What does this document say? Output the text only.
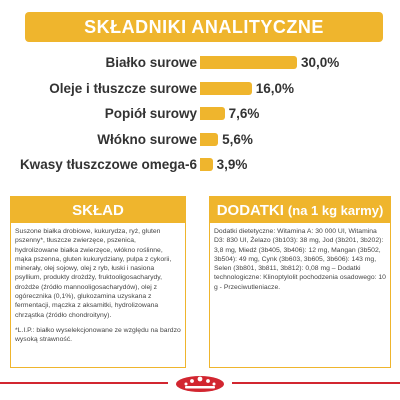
SKŁADNIKI ANALITYCZNE
Białko surowe	30,0%
Oleje i tłuszcze surowe	16,0%
Popiół surowy 7,6%
Włókno surowe 5,6%
Kwasy tłuszczowe omega-6 3,9%
SKŁAD
Suszone białka drobiowe, kukurydza, ryż, gluten pszenny*, tłuszcze zwierzęce, pszenica, hydrolizowane białka zwierzęce, włókno roślinne, mąka pszenna, gluten kukurydziany, pulpa z cykorii, minerały, olej sojowy, olej z ryb, łuski i nasiona psyllium, produkty drożdży, fruktooligosacharydy, drożdże (źródło mannooligosacharydów), olej z ogórecznika (0,1%), glukozamina uzyskana z fermentacji, mączka z aksamitki, hydrolizowana chrząstka (źródło chondroityny).
*L.I.P.: białko wyselekcjonowane ze względu na bardzo wysoką strawność.
DODATKI (na 1 kg karmy)
Dodatki dietetyczne: Witamina A: 30 000 UI, Witamina D3: 830 UI, Żelazo (3b103): 38 mg, Jod (3b201, 3b202): 3,8 mg, Miedź (3b405, 3b406): 12 mg, Mangan (3b502, 3b504): 49 mg, Cynk (3b603, 3b605, 3b606): 143 mg, Selen (3b801, 3b811, 3b812): 0,08 mg – Dodatki technologiczne: Klinoptylolit pochodzenia osadowego: 10 g - Przeciwutleniacze.
